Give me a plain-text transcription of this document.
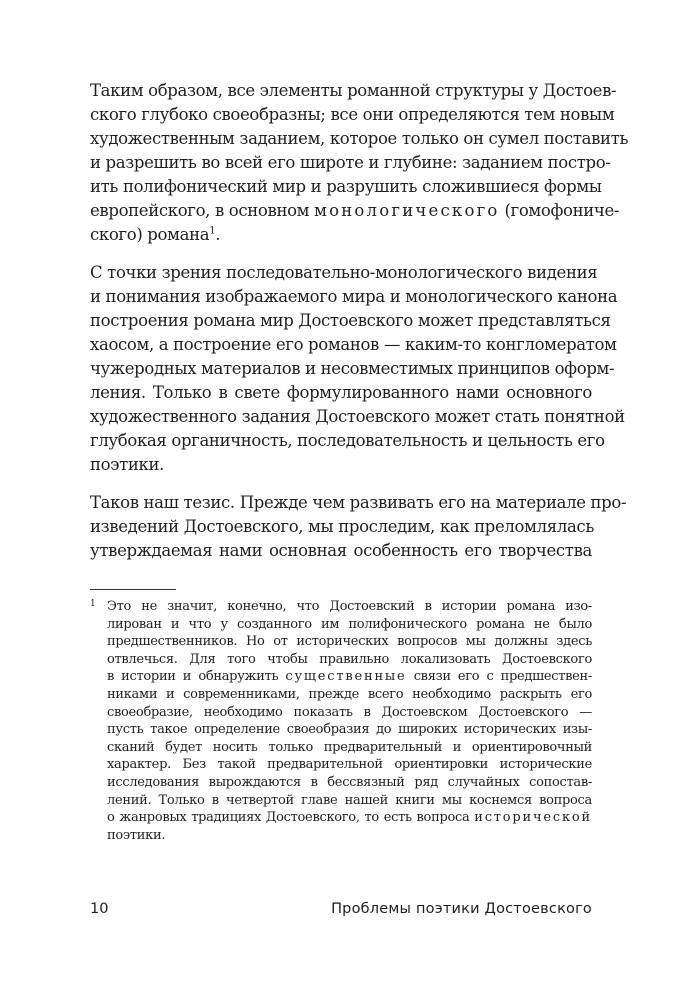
Таким образом, все элементы романной структуры у Достоев-
ского глубоко своеобразны; все они определяются тем новым
художественным заданием, которое только он сумел поставить
и разрешить во всей его широте и глубине: заданием постро-
ить полифонический мир и разрушить сложившиеся формы
европейского, в основном монологического (гомофониче-
ского) романа$^1$.

С точки зрения последовательно-монологического видения
и понимания изображаемого мира и монологического канона
построения романа мир Достоевского может представляться
хаосом, а построение его романов — каким-то конгломератом
чужеродных материалов и несовместимых принципов оформ-
ления. Только в свете формулированного нами основного
художественного задания Достоевского может стать понятной
глубокая органичность, последовательность и цельность его
поэтики.

Таков наш тезис. Прежде чем развивать его на материале про-
изведений Достоевского, мы проследим, как преломлялась
утверждаемая нами основная особенность его творчества

1 Это не значит, конечно, что Достоевский в истории романа изо-
лирован и что у созданного им полифонического романа не было
предшественников. Но от исторических вопросов мы должны здесь
отвлечься. Для того чтобы правильно локализовать Достоевского
в истории и обнаружить существенные связи его с предшествен-
никами и современниками, прежде всего необходимо раскрыть его
своеобразие, необходимо показать в Достоевском Достоевского —
пусть такое определение своеобразия до широких исторических изы-
сканий будет носить только предварительный и ориентировочный
характер. Без такой предварительной ориентировки исторические
исследования вырождаются в бессвязный ряд случайных сопостав-
лений. Только в четвертой главе нашей книги мы коснемся вопроса
о жанровых традициях Достоевского, то есть вопроса исторической
поэтики.
10	Проблемы поэтики Достоевского
